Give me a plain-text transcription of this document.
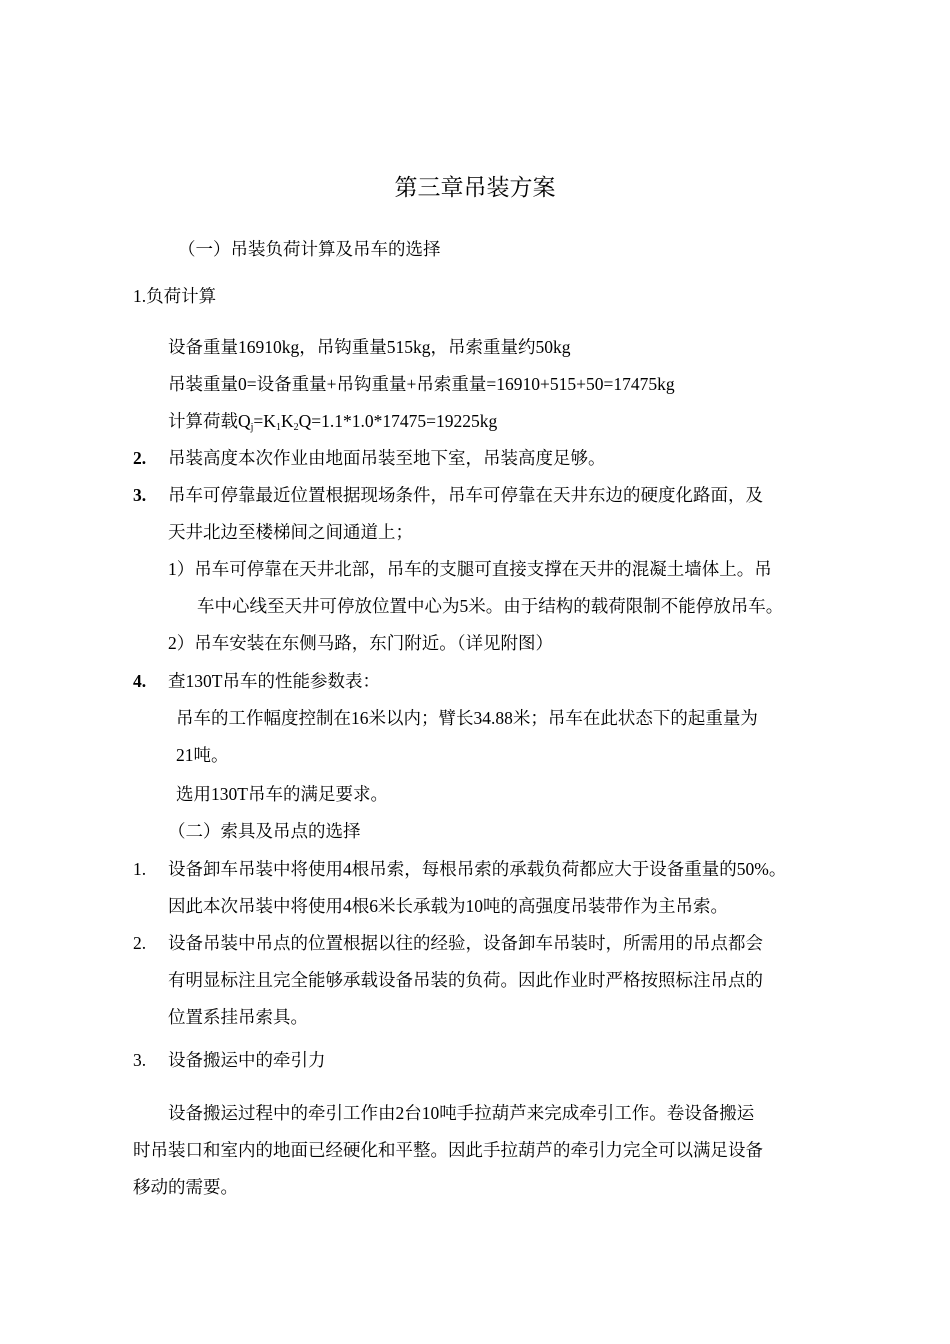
第三章吊装方案
（一）吊装负荷计算及吊车的选择
1.负荷计算
设备重量16910kg，吊钩重量515kg，吊索重量约50kg
吊装重量0=设备重量+吊钩重量+吊索重量=16910+515+50=17475kg
计算荷载$Q_j=K_1K_2Q=1.1*1.0*17475=19225kg$
2. 吊装高度本次作业由地面吊装至地下室，吊装高度足够。
3. 吊车可停靠最近位置根据现场条件，吊车可停靠在天井东边的硬度化路面，及
天井北边至楼梯间之间通道上；
1）吊车可停靠在天井北部，吊车的支腿可直接支撑在天井的混凝土墙体上。吊
车中心线至天井可停放位置中心为5米。由于结构的载荷限制不能停放吊车。
2）吊车安装在东侧马路，东门附近。（详见附图）
4. 查130T吊车的性能参数表：
吊车的工作幅度控制在16米以内；臂长34.88米；吊车在此状态下的起重量为
21吨。
选用130T吊车的满足要求。
（二）索具及吊点的选择
1. 设备卸车吊装中将使用4根吊索，每根吊索的承载负荷都应大于设备重量的50%。
因此本次吊装中将使用4根6米长承载为10吨的高强度吊装带作为主吊索。
2. 设备吊装中吊点的位置根据以往的经验，设备卸车吊装时，所需用的吊点都会
有明显标注且完全能够承载设备吊装的负荷。因此作业时严格按照标注吊点的
位置系挂吊索具。
3. 设备搬运中的牵引力
设备搬运过程中的牵引工作由2台10吨手拉葫芦来完成牵引工作。卷设备搬运
时吊装口和室内的地面已经硬化和平整。因此手拉葫芦的牵引力完全可以满足设备
移动的需要。
